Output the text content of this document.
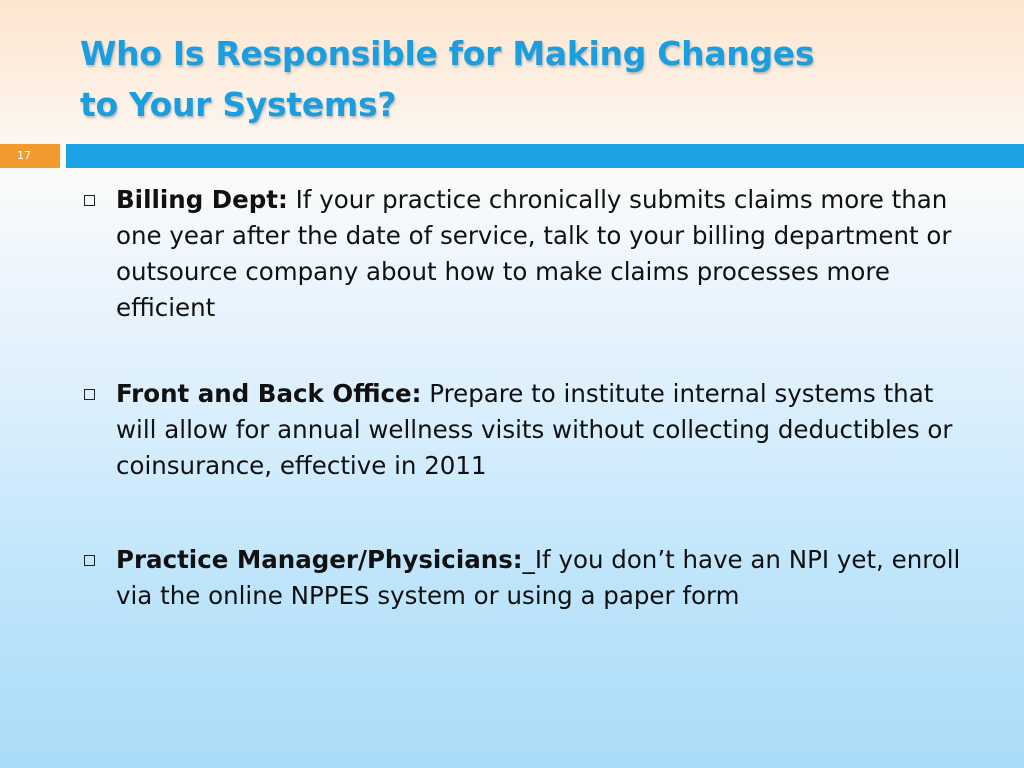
Who Is Responsible for Making Changes
to Your Systems?
17
Billing Dept: If your practice chronically submits claims more than one year after the date of service, talk to your billing department or outsource company about how to make claims processes more efficient
Front and Back Office: Prepare to institute internal systems that will allow for annual wellness visits without collecting deductibles or coinsurance, effective in 2011
Practice Manager/Physicians:_If you don’t have an NPI yet, enroll via the online NPPES system or using a paper form
